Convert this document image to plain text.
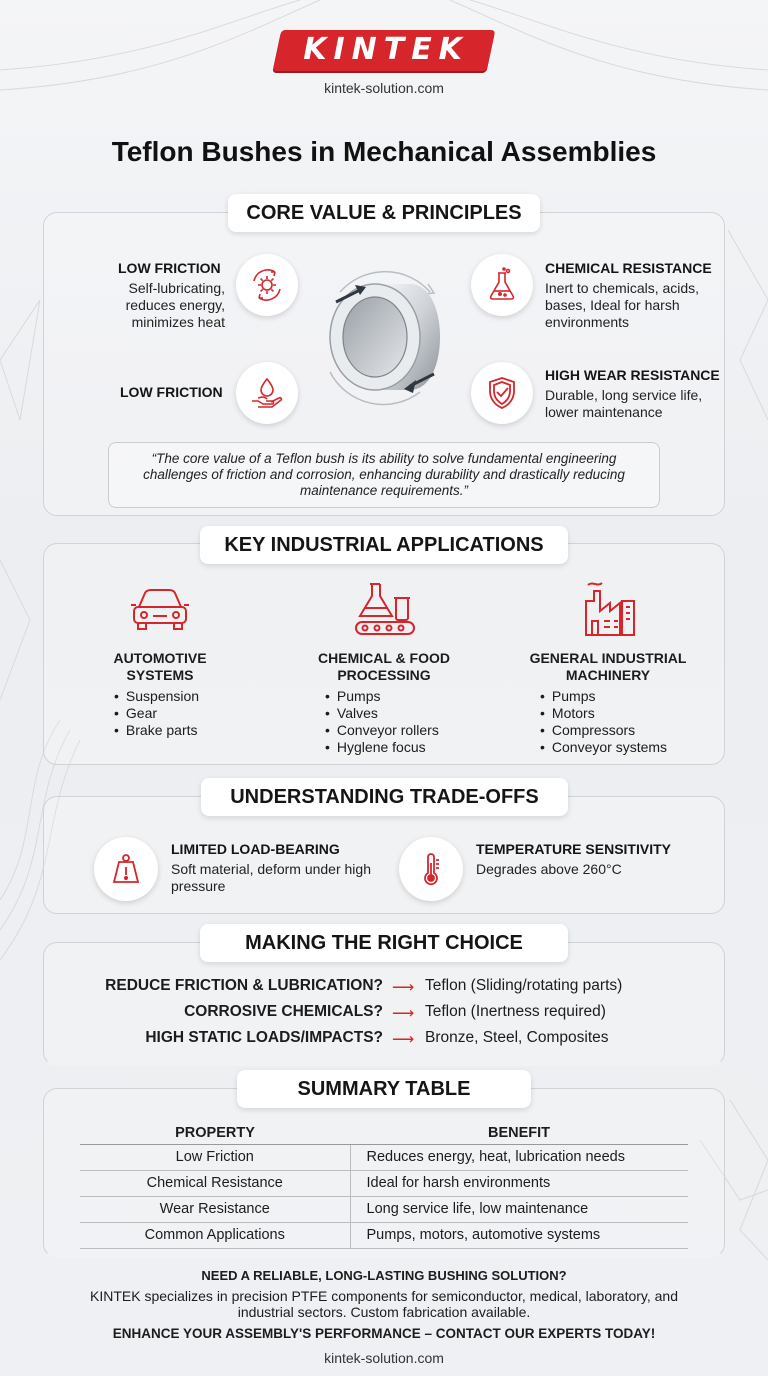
KINTEK
kintek-solution.com
Teflon Bushes in Mechanical Assemblies
CORE VALUE & PRINCIPLES
LOW FRICTION
Self-lubricating, reduces energy, minimizes heat
CHEMICAL RESISTANCE
Inert to chemicals, acids, bases, Ideal for harsh environments
LOW FRICTION
HIGH WEAR RESISTANCE
Durable, long service life, lower maintenance
“The core value of a Teflon bush is its ability to solve fundamental engineering challenges of friction and corrosion, enhancing durability and drastically reducing maintenance requirements.”
KEY INDUSTRIAL APPLICATIONS
AUTOMOTIVE SYSTEMS
• Suspension
• Gear
• Brake parts
CHEMICAL & FOOD PROCESSING
• Pumps
• Valves
• Conveyor rollers
• Hyglene focus
GENERAL INDUSTRIAL MACHINERY
• Pumps
• Motors
• Compressors
• Conveyor systems
UNDERSTANDING TRADE-OFFS
LIMITED LOAD-BEARING
Soft material, deform under high pressure
TEMPERATURE SENSITIVITY
Degrades above 260°C
MAKING THE RIGHT CHOICE
REDUCE FRICTION & LUBRICATION? ⟶ Teflon (Sliding/rotating parts)
CORROSIVE CHEMICALS? ⟶ Teflon (Inertness required)
HIGH STATIC LOADS/IMPACTS? ⟶ Bronze, Steel, Composites
SUMMARY TABLE
PROPERTY	BENEFIT
Low Friction	Reduces energy, heat, lubrication needs
Chemical Resistance	Ideal for harsh environments
Wear Resistance	Long service life, low maintenance
Common Applications	Pumps, motors, automotive systems
NEED A RELIABLE, LONG-LASTING BUSHING SOLUTION?
KINTEK specializes in precision PTFE components for semiconductor, medical, laboratory, and industrial sectors. Custom fabrication available.
ENHANCE YOUR ASSEMBLY'S PERFORMANCE – CONTACT OUR EXPERTS TODAY!
kintek-solution.com
